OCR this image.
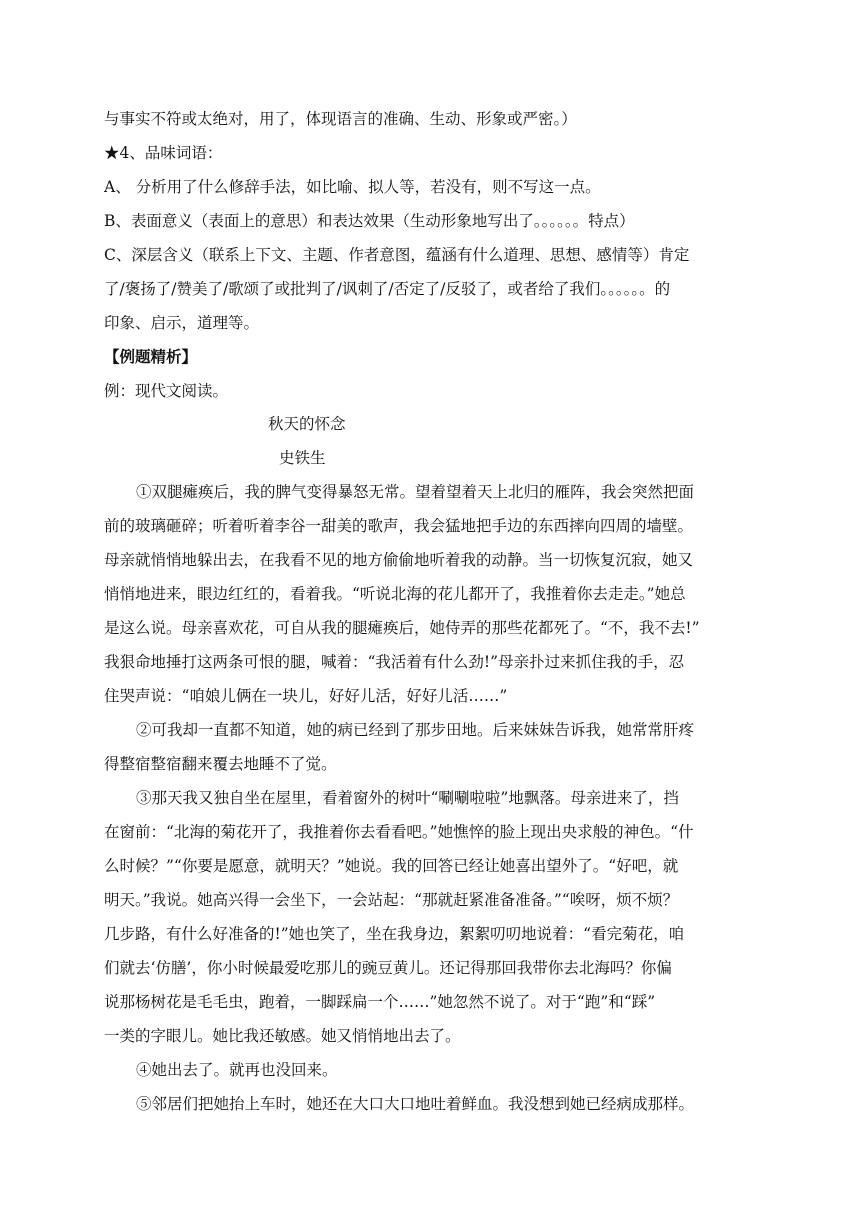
与事实不符或太绝对，用了，体现语言的准确、生动、形象或严密。）
★4、品味词语：
A、 分析用了什么修辞手法，如比喻、拟人等，若没有，则不写这一点。
B、表面意义（表面上的意思）和表达效果（生动形象地写出了。。。。。。特点）
C、深层含义（联系上下文、主题、作者意图，蕴涵有什么道理、思想、感情等）肯定
了/褒扬了/赞美了/歌颂了或批判了/讽刺了/否定了/反驳了，或者给了我们。。。。。。的
印象、启示，道理等。
【例题精析】
例：现代文阅读。
秋天的怀念
史铁生
①双腿瘫痪后，我的脾气变得暴怒无常。望着望着天上北归的雁阵，我会突然把面
前的玻璃砸碎；听着听着李谷一甜美的歌声，我会猛地把手边的东西摔向四周的墙壁。
母亲就悄悄地躲出去，在我看不见的地方偷偷地听着我的动静。当一切恢复沉寂，她又
悄悄地进来，眼边红红的，看着我。“听说北海的花儿都开了，我推着你去走走。”她总
是这么说。母亲喜欢花，可自从我的腿瘫痪后，她侍弄的那些花都死了。“不，我不去!”
我狠命地捶打这两条可恨的腿，喊着：“我活着有什么劲!”母亲扑过来抓住我的手，忍
住哭声说：“咱娘儿俩在一块儿，好好儿活，好好儿活……”
②可我却一直都不知道，她的病已经到了那步田地。后来妹妹告诉我，她常常肝疼
得整宿整宿翻来覆去地睡不了觉。
③那天我又独自坐在屋里，看着窗外的树叶“唰唰啦啦”地飘落。母亲进来了，挡
在窗前：“北海的菊花开了，我推着你去看看吧。”她憔悴的脸上现出央求般的神色。“什
么时候？”“你要是愿意，就明天？”她说。我的回答已经让她喜出望外了。“好吧，就
明天。”我说。她高兴得一会坐下，一会站起：“那就赶紧准备准备。”“唉呀，烦不烦？
几步路，有什么好准备的!”她也笑了，坐在我身边，絮絮叨叨地说着：“看完菊花，咱
们就去‘仿膳’，你小时候最爱吃那儿的豌豆黄儿。还记得那回我带你去北海吗？你偏
说那杨树花是毛毛虫，跑着，一脚踩扁一个……”她忽然不说了。对于“跑”和“踩”
一类的字眼儿。她比我还敏感。她又悄悄地出去了。
④她出去了。就再也没回来。
⑤邻居们把她抬上车时，她还在大口大口地吐着鲜血。我没想到她已经病成那样。
